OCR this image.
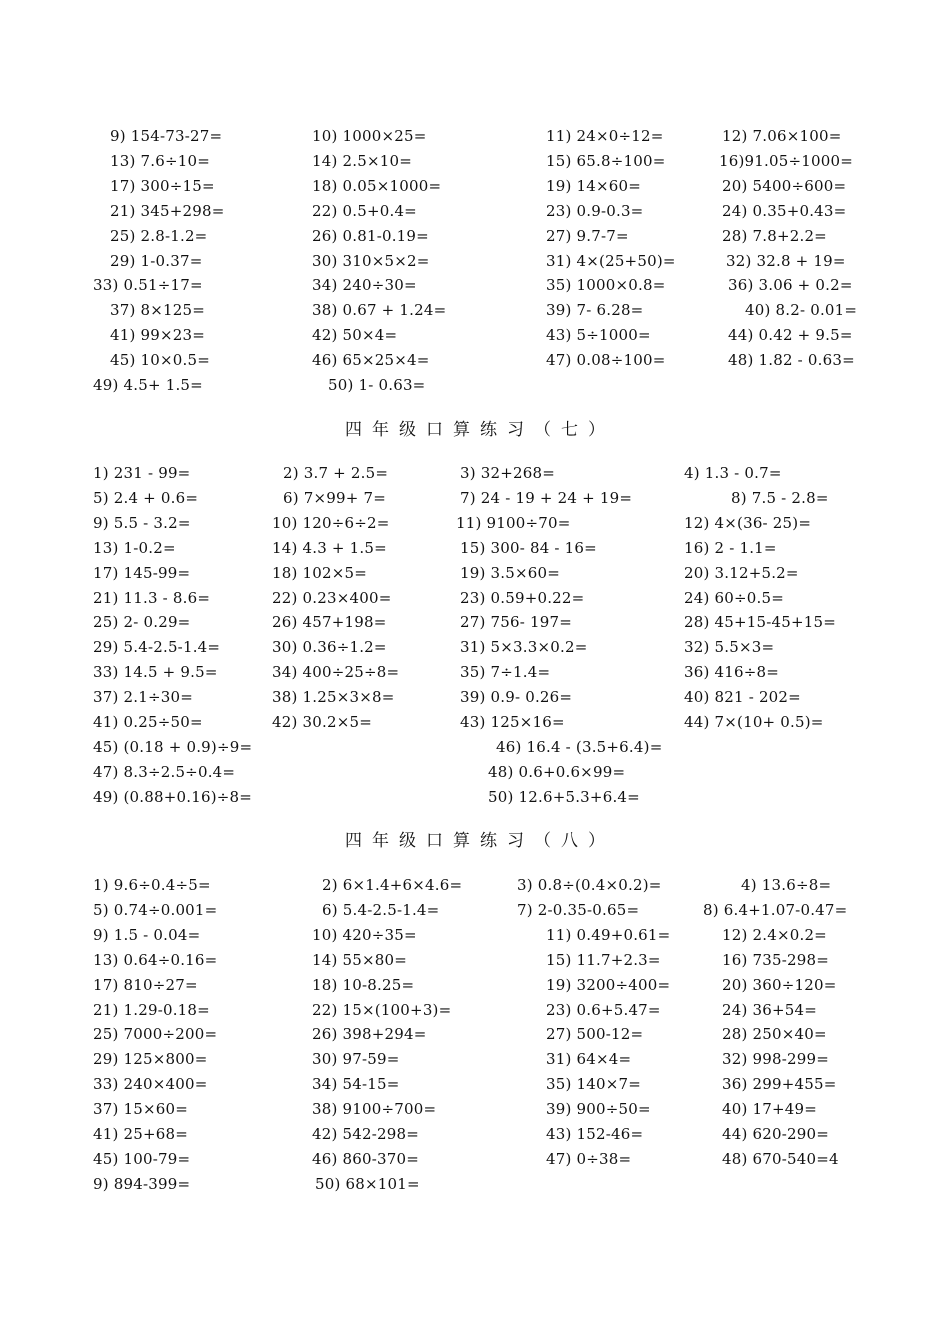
9) 154-73-27=	10) 1000×25=	11) 24×0÷12=	12) 7.06×100=
13) 7.6÷10=	14) 2.5×10=	15) 65.8÷100=	16)91.05÷1000=
17) 300÷15=	18) 0.05×1000=	19) 14×60=	20) 5400÷600=
21) 345+298=	22) 0.5+0.4=	23) 0.9-0.3=	24) 0.35+0.43=
25) 2.8-1.2=	26) 0.81-0.19=	27) 9.7-7=	28) 7.8+2.2=
29) 1-0.37=	30) 310×5×2=	31) 4×(25+50)=	32) 32.8 + 19=
33) 0.51÷17=	34) 240÷30=	35) 1000×0.8=	36) 3.06 + 0.2=
37) 8×125=	38) 0.67 + 1.24=	39) 7- 6.28=	40) 8.2- 0.01=
41) 99×23=	42) 50×4=	43) 5÷1000=	44) 0.42 + 9.5=
45) 10×0.5=	46) 65×25×4=	47) 0.08÷100=	48) 1.82 - 0.63=
49) 4.5+ 1.5=	50) 1- 0.63=
四年级口算练习（七）
1) 231 - 99=	2) 3.7 + 2.5=	3) 32+268=	4) 1.3 - 0.7=
5) 2.4 + 0.6=	6) 7×99+ 7=	7) 24 - 19 + 24 + 19=	8) 7.5 - 2.8=
9) 5.5 - 3.2=	10) 120÷6÷2=	11) 9100÷70=	12) 4×(36- 25)=
13) 1-0.2=	14) 4.3 + 1.5=	15) 300- 84 - 16=	16) 2 - 1.1=
17) 145-99=	18) 102×5=	19) 3.5×60=	20) 3.12+5.2=
21) 11.3 - 8.6=	22) 0.23×400=	23) 0.59+0.22=	24) 60÷0.5=
25) 2- 0.29=	26) 457+198=	27) 756- 197=	28) 45+15-45+15=
29) 5.4-2.5-1.4=	30) 0.36÷1.2=	31) 5×3.3×0.2=	32) 5.5×3=
33) 14.5 + 9.5=	34) 400÷25÷8=	35) 7÷1.4=	36) 416÷8=
37) 2.1÷30=	38) 1.25×3×8=	39) 0.9- 0.26=	40) 821 - 202=
41) 0.25÷50=	42) 30.2×5=	43) 125×16=	44) 7×(10+ 0.5)=
45) (0.18 + 0.9)÷9=	46) 16.4 - (3.5+6.4)=
47) 8.3÷2.5÷0.4=	48) 0.6+0.6×99=
49) (0.88+0.16)÷8=	50) 12.6+5.3+6.4=
四年级口算练习（八）
1) 9.6÷0.4÷5=	2) 6×1.4+6×4.6=	3) 0.8÷(0.4×0.2)=	4) 13.6÷8=
5) 0.74÷0.001=	6) 5.4-2.5-1.4=	7) 2-0.35-0.65=	8) 6.4+1.07-0.47=
9) 1.5 - 0.04=	10) 420÷35=	11) 0.49+0.61=	12) 2.4×0.2=
13) 0.64÷0.16=	14) 55×80=	15) 11.7+2.3=	16) 735-298=
17) 810÷27=	18) 10-8.25=	19) 3200÷400=	20) 360÷120=
21) 1.29-0.18=	22) 15×(100+3)=	23) 0.6+5.47=	24) 36+54=
25) 7000÷200=	26) 398+294=	27) 500-12=	28) 250×40=
29) 125×800=	30) 97-59=	31) 64×4=	32) 998-299=
33) 240×400=	34) 54-15=	35) 140×7=	36) 299+455=
37) 15×60=	38) 9100÷700=	39) 900÷50=	40) 17+49=
41) 25+68=	42) 542-298=	43) 152-46=	44) 620-290=
45) 100-79=	46) 860-370=	47) 0÷38=	48) 670-540=4
9) 894-399=	50) 68×101=
